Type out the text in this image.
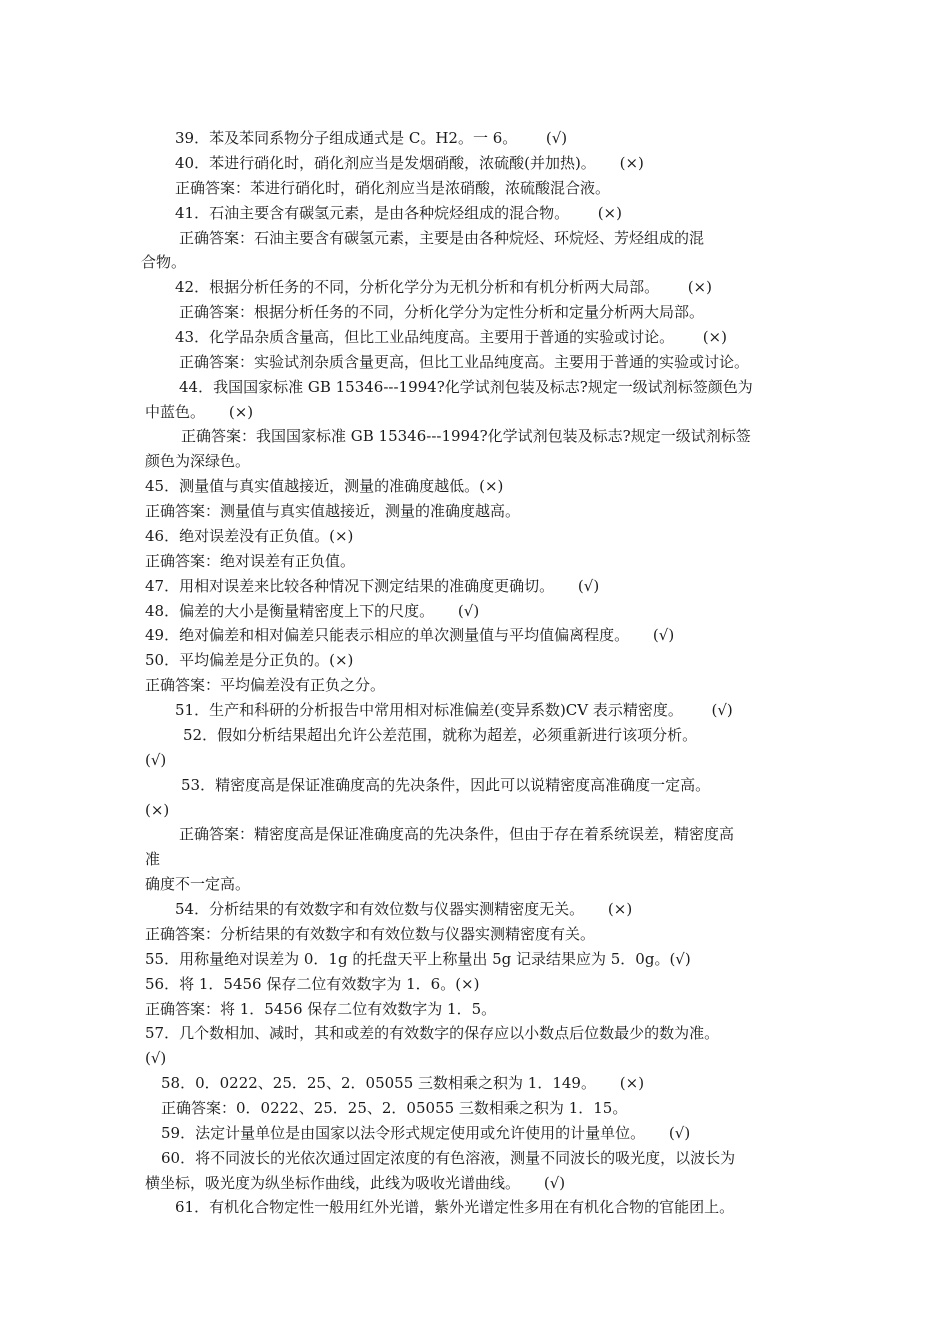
39．苯及苯同系物分子组成通式是 C。H2。一 6。      (√)

40．苯进行硝化时，硝化剂应当是发烟硝酸，浓硫酸(并加热)。     (×)

正确答案：苯进行硝化时，硝化剂应当是浓硝酸，浓硫酸混合液。

41．石油主要含有碳氢元素，是由各种烷烃组成的混合物。      (×)

正确答案：石油主要含有碳氢元素，主要是由各种烷烃、环烷烃、芳烃组成的混

合物。

42．根据分析任务的不同，分析化学分为无机分析和有机分析两大局部。      (×)

正确答案：根据分析任务的不同，分析化学分为定性分析和定量分析两大局部。

43．化学品杂质含量高，但比工业品纯度高。主要用于普通的实验或讨论。      (×)

正确答案：实验试剂杂质含量更高，但比工业品纯度高。主要用于普通的实验或讨论。

44．我国国家标准 GB 15346---1994?化学试剂包装及标志?规定一级试剂标签颜色为

中蓝色。     (×)

正确答案：我国国家标准 GB 15346---1994?化学试剂包装及标志?规定一级试剂标签

颜色为深绿色。

45．测量值与真实值越接近，测量的准确度越低。(×)

正确答案：测量值与真实值越接近，测量的准确度越高。

46．绝对误差没有正负值。(×)

正确答案：绝对误差有正负值。

47．用相对误差来比较各种情况下测定结果的准确度更确切。     (√)

48．偏差的大小是衡量精密度上下的尺度。     (√)

49．绝对偏差和相对偏差只能表示相应的单次测量值与平均值偏离程度。     (√)

50．平均偏差是分正负的。(×)

正确答案：平均偏差没有正负之分。

51．生产和科研的分析报告中常用相对标准偏差(变异系数)CV 表示精密度。      (√)

52．假如分析结果超出允许公差范围，就称为超差，必须重新进行该项分析。

(√)

53．精密度高是保证准确度高的先决条件，因此可以说精密度高准确度一定高。

(×)

正确答案：精密度高是保证准确度高的先决条件，但由于存在着系统误差，精密度高

准

确度不一定高。

54．分析结果的有效数字和有效位数与仪器实测精密度无关。     (×)

正确答案：分析结果的有效数字和有效位数与仪器实测精密度有关。

55．用称量绝对误差为 0．1g 的托盘天平上称量出 5g 记录结果应为 5．0g。(√)

56．将 1．5456 保存二位有效数字为 1．6。(×)

正确答案：将 1．5456 保存二位有效数字为 1．5。

57．几个数相加、减时，其和或差的有效数字的保存应以小数点后位数最少的数为准。

(√)

58．0．0222、25．25、2．05055 三数相乘之积为 1．149。     (×)

正确答案：0．0222、25．25、2．05055 三数相乘之积为 1．15。

59．法定计量单位是由国家以法令形式规定使用或允许使用的计量单位。     (√)

60．将不同波长的光依次通过固定浓度的有色溶液，测量不同波长的吸光度，以波长为

横坐标，吸光度为纵坐标作曲线，此线为吸收光谱曲线。     (√)

61．有机化合物定性一般用红外光谱，紫外光谱定性多用在有机化合物的官能团上。
